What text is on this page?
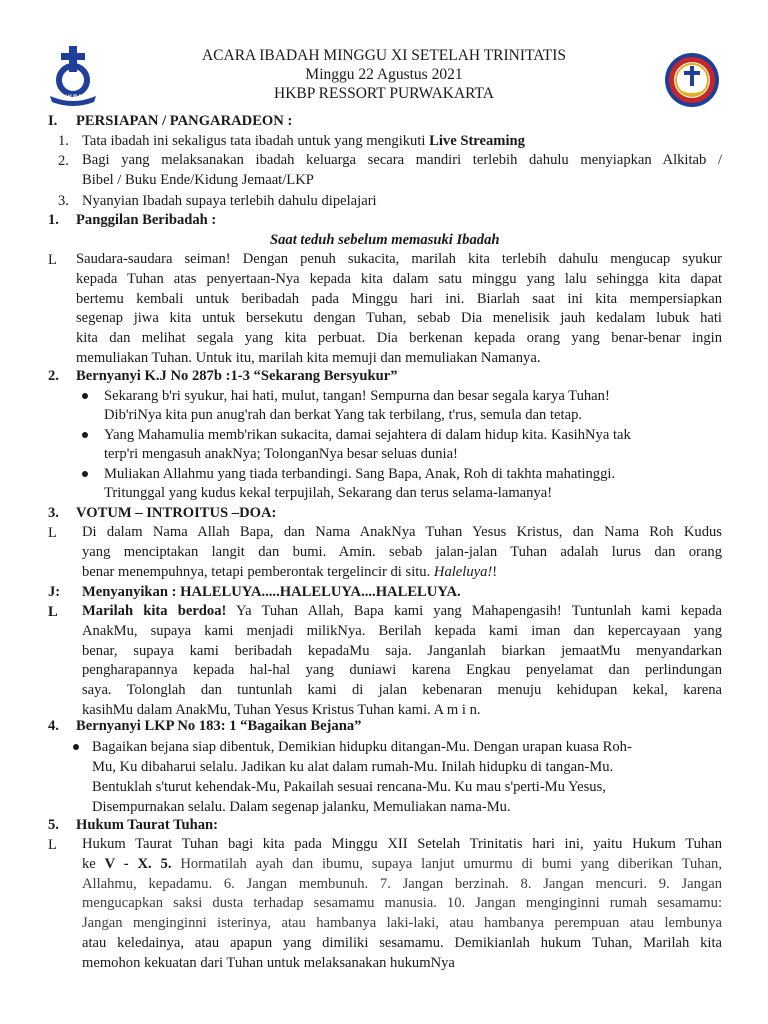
HKBP
ACARA IBADAH MINGGU XI SETELAH TRINITATIS
Minggu 22 Agustus 2021
HKBP RESSORT PURWAKARTA
I. PERSIAPAN / PANGARADEON :
1. Tata ibadah ini sekaligus tata ibadah untuk yang mengikuti Live Streaming
2. Bagi yang melaksanakan ibadah keluarga secara mandiri terlebih dahulu menyiapkan Alkitab /
Bibel / Buku Ende/Kidung Jemaat/LKP
3. Nyanyian Ibadah supaya terlebih dahulu dipelajari
1. Panggilan Beribadah :
Saat teduh sebelum memasuki Ibadah
L Saudara-saudara seiman! Dengan penuh sukacita, marilah kita terlebih dahulu mengucap syukur
kepada Tuhan atas penyertaan-Nya kepada kita dalam satu minggu yang lalu sehingga kita dapat
bertemu kembali untuk beribadah pada Minggu hari ini. Biarlah saat ini kita mempersiapkan
segenap jiwa kita untuk bersekutu dengan Tuhan, sebab Dia menelisik jauh kedalam lubuk hati
kita dan melihat segala yang kita perbuat. Dia berkenan kepada orang yang benar-benar ingin
memuliakan Tuhan. Untuk itu, marilah kita memuji dan memuliakan Namanya.
2. Bernyanyi K.J No 287b :1-3 “Sekarang Bersyukur”
Sekarang b'ri syukur, hai hati, mulut, tangan! Sempurna dan besar segala karya Tuhan!
Dib'riNya kita pun anug'rah dan berkat Yang tak terbilang, t'rus, semula dan tetap.
Yang Mahamulia memb'rikan sukacita, damai sejahtera di dalam hidup kita. KasihNya tak
terp'ri mengasuh anakNya; TolonganNya besar seluas dunia!
Muliakan Allahmu yang tiada terbandingi. Sang Bapa, Anak, Roh di takhta mahatinggi.
Tritunggal yang kudus kekal terpujilah, Sekarang dan terus selama-lamanya!
3. VOTUM – INTROITUS –DOA:
L Di dalam Nama Allah Bapa, dan Nama AnakNya Tuhan Yesus Kristus, dan Nama Roh Kudus
yang menciptakan langit dan bumi. Amin. sebab jalan-jalan Tuhan adalah lurus dan orang
benar menempuhnya, tetapi pemberontak tergelincir di situ. Haleluya!!
J: Menyanyikan : HALELUYA.....HALELUYA....HALELUYA.
L Marilah kita berdoa! Ya Tuhan Allah, Bapa kami yang Mahapengasih! Tuntunlah kami kepada
AnakMu, supaya kami menjadi milikNya. Berilah kepada kami iman dan kepercayaan yang
benar, supaya kami beribadah kepadaMu saja. Janganlah biarkan jemaatMu menyandarkan
pengharapannya kepada hal-hal yang duniawi karena Engkau penyelamat dan perlindungan
saya. Tolonglah dan tuntunlah kami di jalan kebenaran menuju kehidupan kekal, karena
kasihMu dalam AnakMu, Tuhan Yesus Kristus Tuhan kami. A m i n.
4. Bernyanyi LKP No 183: 1 “Bagaikan Bejana”
Bagaikan bejana siap dibentuk, Demikian hidupku ditangan-Mu. Dengan urapan kuasa Roh-
Mu, Ku dibaharui selalu. Jadikan ku alat dalam rumah-Mu. Inilah hidupku di tangan-Mu.
Bentuklah s'turut kehendak-Mu, Pakailah sesuai rencana-Mu. Ku mau s'perti-Mu Yesus,
Disempurnakan selalu. Dalam segenap jalanku, Memuliakan nama-Mu.
5. Hukum Taurat Tuhan:
L Hukum Taurat Tuhan bagi kita pada Minggu XII Setelah Trinitatis hari ini, yaitu Hukum Tuhan
ke V - X. 5. Hormatilah ayah dan ibumu, supaya lanjut umurmu di bumi yang diberikan Tuhan,
Allahmu, kepadamu. 6. Jangan membunuh. 7. Jangan berzinah. 8. Jangan mencuri. 9. Jangan
mengucapkan saksi dusta terhadap sesamamu manusia. 10. Jangan menginginni rumah sesamamu:
Jangan menginginni isterinya, atau hambanya laki-laki, atau hambanya perempuan atau lembunya
atau keledainya, atau apapun yang dimiliki sesamamu. Demikianlah hukum Tuhan, Marilah kita
memohon kekuatan dari Tuhan untuk melaksanakan hukumNya
